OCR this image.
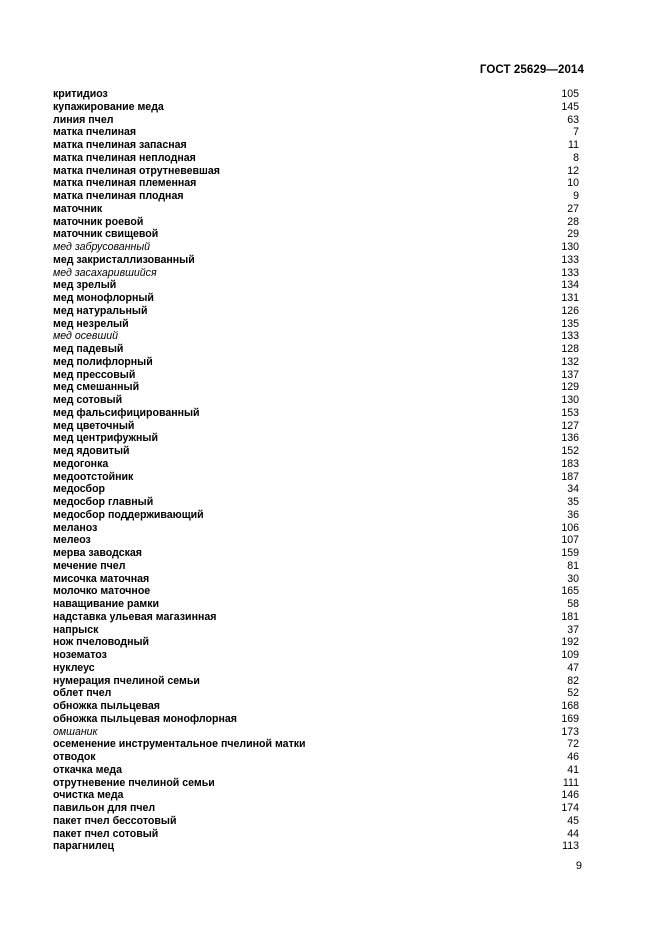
ГОСТ 25629—2014
критидиоз	105
купажирование меда	145
линия пчел	63
матка пчелиная	7
матка пчелиная запасная	11
матка пчелиная неплодная	8
матка пчелиная отрутневевшая	12
матка пчелиная племенная	10
матка пчелиная плодная	9
маточник	27
маточник роевой	28
маточник свищевой	29
мед забрусованный	130
мед закристаллизованный	133
мед засахарившийся	133
мед зрелый	134
мед монофлорный	131
мед натуральный	126
мед незрелый	135
мед осевший	133
мед падевый	128
мед полифлорный	132
мед прессовый	137
мед смешанный	129
мед сотовый	130
мед фальсифицированный	153
мед цветочный	127
мед центрифужный	136
мед ядовитый	152
медогонка	183
медоотстойник	187
медосбор	34
медосбор главный	35
медосбор поддерживающий	36
меланоз	106
мелеоз	107
мерва заводская	159
мечение пчел	81
мисочка маточная	30
молочко маточное	165
наващивание рамки	58
надставка ульевая магазинная	181
напрыск	37
нож пчеловодный	192
нозематоз	109
нуклеус	47
нумерация пчелиной семьи	82
облет пчел	52
обножка пыльцевая	168
обножка пыльцевая монофлорная	169
омшаник	173
осеменение инструментальное пчелиной матки	72
отводок	46
откачка меда	41
отрутневение пчелиной семьи	111
очистка меда	146
павильон для пчел	174
пакет пчел бессотовый	45
пакет пчел сотовый	44
парагнилец	113
9
